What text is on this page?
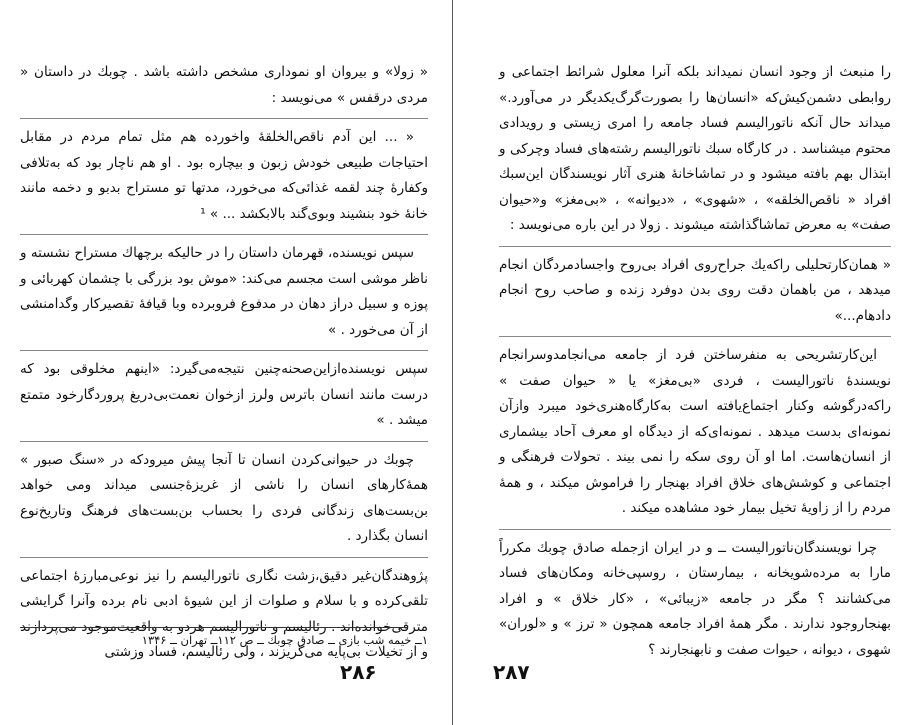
« زولا» و بیروان او نموداری مشخص داشته باشد . چوبك در داستان « مردی درقفس » می‌نویسد :

« ... این آدم ناقص‌الخلقهٔ واخورده هم مثل تمام مردم در مقابل احتیاجات طبیعی خودش زبون و بیچاره بود . او هم ناچار بود که به‌تلافی وکفارهٔ چند لقمه غذائی‌که می‌خورد، مدتها تو مستراح بدبو و دخمه مانند خانهٔ خود بنشیند وبوی‌گند بالابکشد ... » ¹

سپس نویسنده، قهرمان داستان را در حالیکه برچهاك مستراح نشسته و ناظر موشی است مجسم می‌کند: «موش بود بزرگی با چشمان کهربائی و پوزه و سبیل دراز دهان در مدفوع فروبرده وبا قیافهٔ تقصیر‌کار وگدامنشی از آن می‌خورد . »

سپس نویسنده‌ازاین‌صحنه‌چنین نتیجه‌می‌گیرد: «اینهم مخلوقی بود که درست مانند انسان باترس ولرز ازخوان نعمت‌بی‌دریغ پروردگارخود متمتع میشد . »

چوبك در حیوانی‌کردن انسان تا آنجا پیش میرودکه در «سنگ صبور » همهٔ‌کارهای انسان را ناشی از غریزهٔ‌جنسی میداند ومی خواهد بن‌بست‌های زندگانی فردی را بحساب بن‌بست‌های فرهنگ وتاریخ‌نوع انسان بگذارد .

پژوهندگان‌غیر دقیق،زشت نگاری ناتورالیسم را نیز نوعی‌مبارزهٔ اجتماعی تلقی‌کرده و با سلام و صلوات از این شیوهٔ ادبی نام برده وآنرا گرایشی مترقی‌خوانده‌اند . رئالیسم و ناتورالیسم هردو به واقعیت‌موجود می‌پردازند و از تخیلات بی‌پایه می‌گریزند ، ولی رئالیسم، فساد وزشتی

۱ــ خیمه شب بازی ــ صادق چوبك ــ ص ۱۱۲ــ تهران ــ ۱۳۴۶
۲۸۶

را منبعث از وجود انسان نمیداند بلکه آنرا معلول شرائط اجتماعی و روابطی دشمن‌کیش‌که «انسان‌ها را بصورت‌گرگ‌یکدیگر در می‌آورد.» میداند حال آنکه ناتورالیسم فساد جامعه را امری زیستی و رویدادی محتوم میشناسد . در کارگاه سبك ناتورالیسم رشته‌های فساد وچرکی و ابتذال بهم بافته میشود و در تماشاخانهٔ هنری آثار نویسندگان این‌سبك افراد « ناقص‌الخلقه» ، «شهوی» ، «دیوانه» ، «بی‌مغز» و«حیوان صفت» به معرض تماشاگذاشته میشوند . زولا در این باره می‌نویسد :

« همان‌کارتحلیلی راکه‌یك جراح‌روی افراد بی‌روح واجسادمردگان انجام میدهد ، من باهمان دقت روی بدن دوفرد زنده و صاحب روح انجام دادهام...»

این‌کارتشریحی به منفرساختن فرد از جامعه می‌انجامدوسرانجام نویسندهٔ ناتورالیست ، فردی «بی‌مغز» یا « حیوان صفت » راکه‌درگوشه وکنار اجتماع‌یافته است به‌کارگاه‌هنری‌خود میبرد وازآن نمونه‌ای بدست میدهد . نمونه‌ای‌که از دیدگاه او معرف آحاد بیشماری از انسان‌هاست. اما او آن روی سکه را نمی بیند . تحولات فرهنگی و اجتماعی و کوشش‌های خلاق افراد بهنجار را فراموش میکند ، و همهٔ مردم را از زاویهٔ تخیل بیمار خود مشاهده میکند .

چرا نویسندگان‌ناتورالیست ــ و در ایران ازجمله صادق چوبك مکرراً مارا به مرده‌شویخانه ، بیمارستان ، روسپی‌خانه ومکان‌های فساد می‌کشانند ؟ مگر در جامعه «زیبائی» ، «کار خلاق » و افراد بهنجاروجود ندارند . مگر همهٔ افراد جامعه همچون « ترز » و «لوران» شهوی ، دیوانه ، حیوات صفت و نابهنجارند ؟

۲۸۷
